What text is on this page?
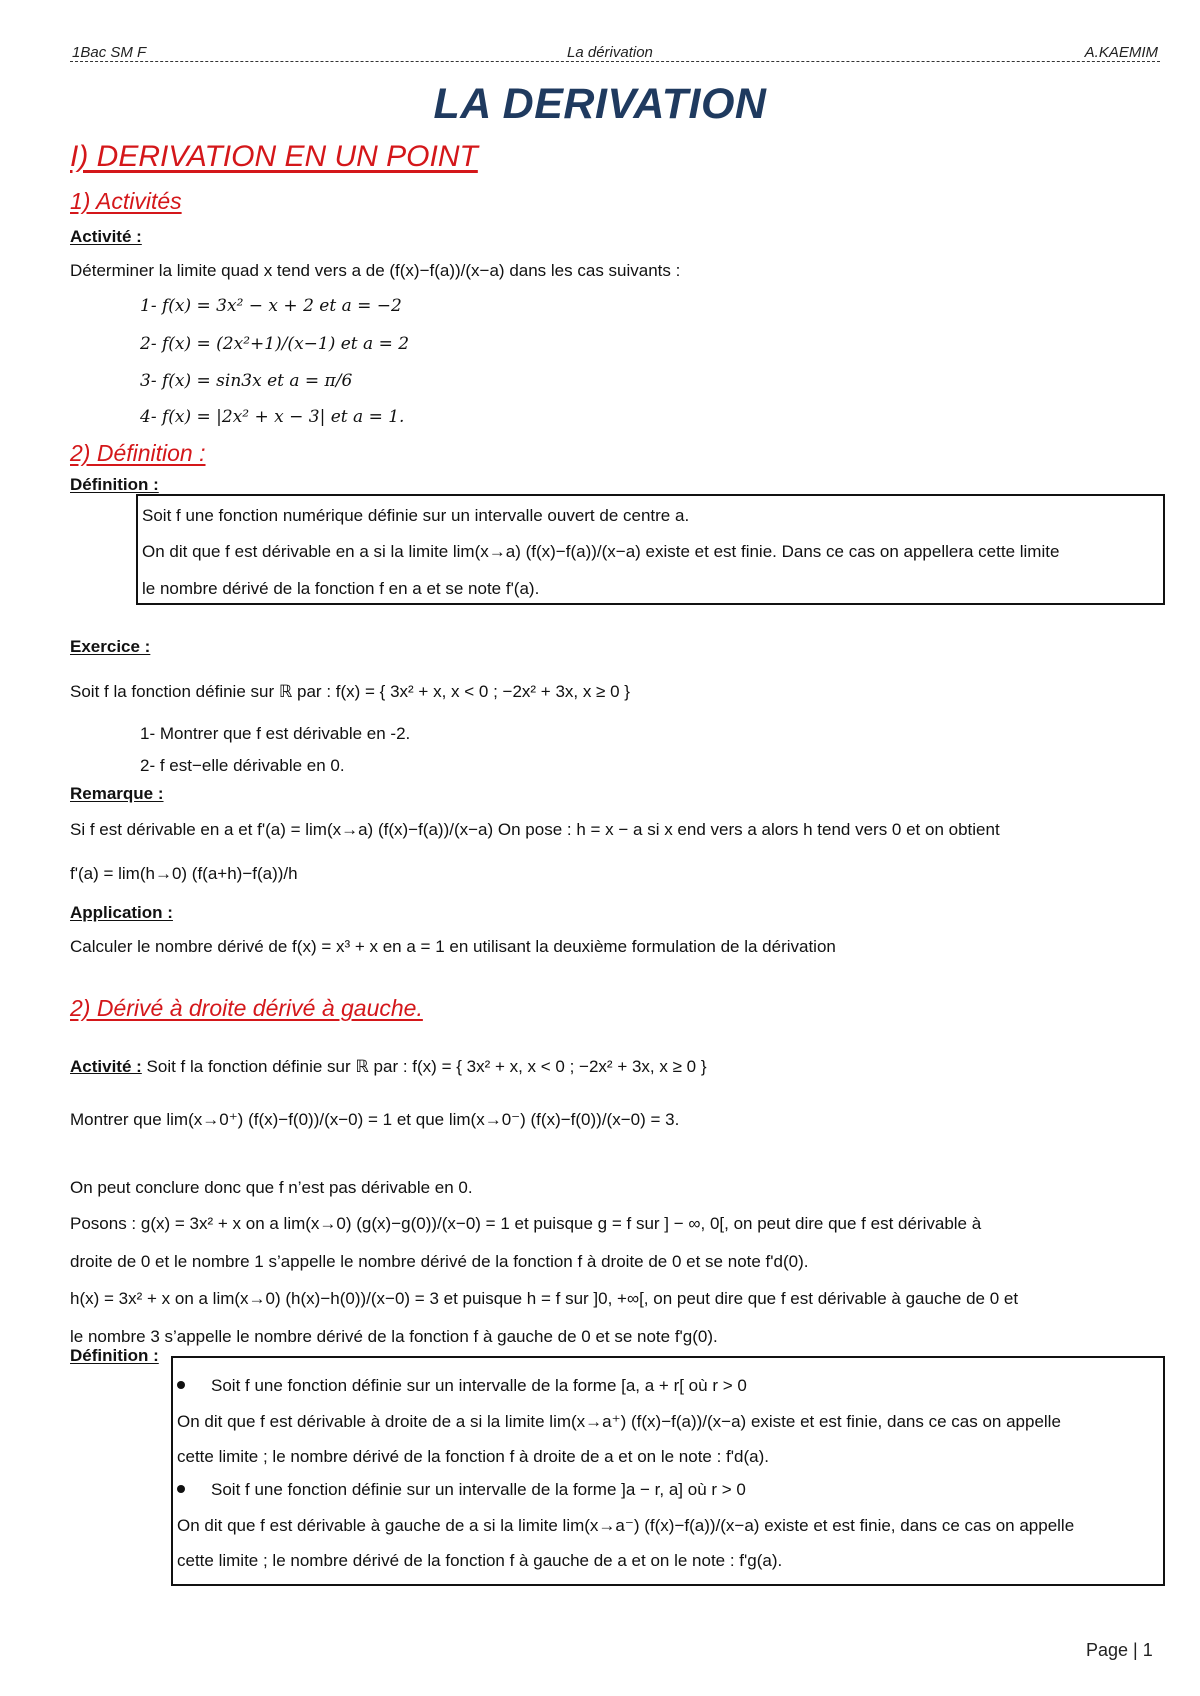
1Bac SM F	La dérivation	A.KAEMIM
LA DERIVATION
I) DERIVATION EN UN POINT
1) Activités
Activité :
Déterminer la limite quad x tend vers a de (f(x)−f(a))/(x−a) dans les cas suivants :
1- f(x) = 3x² − x + 2 et a = −2
2- f(x) = (2x²+1)/(x−1) et a = 2
3- f(x) = sin3x et a = π/6
4- f(x) = |2x² + x − 3| et a = 1.
2) Définition :
Définition :
Soit f une fonction numérique définie sur un intervalle ouvert de centre a.
On dit que f est dérivable en a si la limite lim(x→a) (f(x)−f(a))/(x−a) existe et est finie. Dans ce cas on appellera cette limite
le nombre dérivé de la fonction f en a et se note f'(a).
Exercice :
Soit f la fonction définie sur ℝ par : f(x) = { 3x² + x, x < 0 ; −2x² + 3x, x ≥ 0 }
1- Montrer que f est dérivable en -2.
2- f est−elle dérivable en 0.
Remarque :
Si f est dérivable en a et f'(a) = lim(x→a) (f(x)−f(a))/(x−a) On pose : h = x − a si x end vers a alors h tend vers 0 et on obtient
f'(a) = lim(h→0) (f(a+h)−f(a))/h
Application :
Calculer le nombre dérivé de f(x) = x³ + x en a = 1 en utilisant la deuxième formulation de la dérivation
2) Dérivé à droite dérivé à gauche.
Activité : Soit f la fonction définie sur ℝ par : f(x) = { 3x² + x, x < 0 ; −2x² + 3x, x ≥ 0 }
Montrer que lim(x→0⁺) (f(x)−f(0))/(x−0) = 1 et que lim(x→0⁻) (f(x)−f(0))/(x−0) = 3.
On peut conclure donc que f n’est pas dérivable en 0.
Posons : g(x) = 3x² + x on a lim(x→0) (g(x)−g(0))/(x−0) = 1 et puisque g = f sur ] − ∞, 0[, on peut dire que f est dérivable à
droite de 0 et le nombre 1 s’appelle le nombre dérivé de la fonction f à droite de 0 et se note f'd(0).
h(x) = 3x² + x on a lim(x→0) (h(x)−h(0))/(x−0) = 3 et puisque h = f sur ]0, +∞[, on peut dire que f est dérivable à gauche de 0 et
le nombre 3 s’appelle le nombre dérivé de la fonction f à gauche de 0 et se note f'g(0).
Définition :
Soit f une fonction définie sur un intervalle de la forme [a, a + r[ où r > 0
On dit que f est dérivable à droite de a si la limite lim(x→a⁺) (f(x)−f(a))/(x−a) existe et est finie, dans ce cas on appelle
cette limite ; le nombre dérivé de la fonction f à droite de a et on le note : f'd(a).
Soit f une fonction définie sur un intervalle de la forme ]a − r, a] où r > 0
On dit que f est dérivable à gauche de a si la limite lim(x→a⁻) (f(x)−f(a))/(x−a) existe et est finie, dans ce cas on appelle
cette limite ; le nombre dérivé de la fonction f à gauche de a et on le note : f'g(a).
Page | 1
